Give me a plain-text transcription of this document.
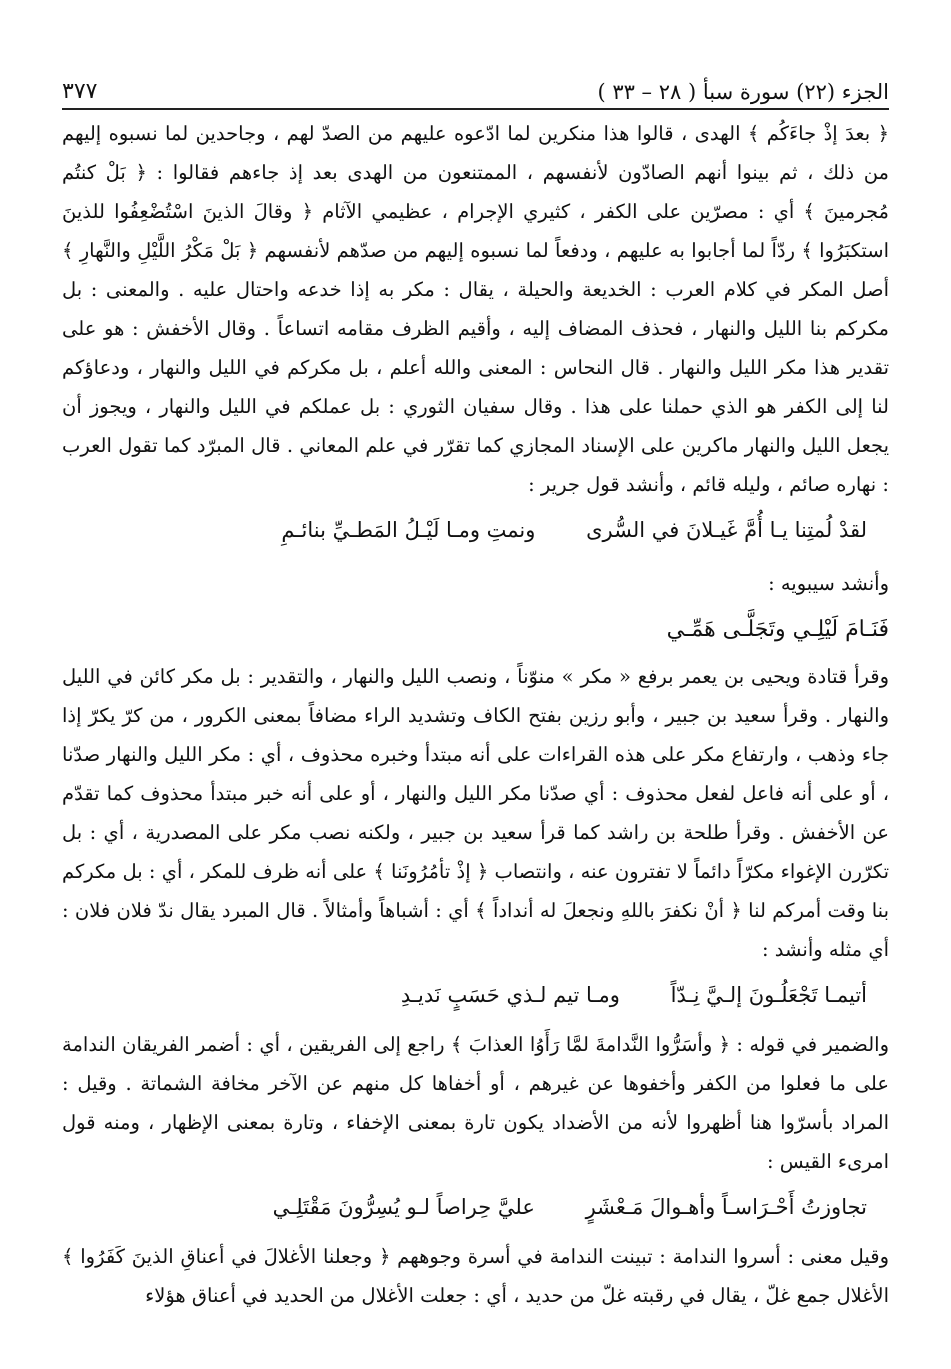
الجزء (٢٢) سورة سبأ ( ٢٨ – ٣٣ )
٣٧٧

﴿ بعدَ إذْ جاءَكُم ﴾ الهدى ، قالوا هذا منكرين لما ادّعوه عليهم من الصدّ لهم ، وجاحدين لما نسبوه إليهم من ذلك ، ثم بينوا أنهم الصادّون لأنفسهم ، الممتنعون من الهدى بعد إذ جاءهم فقالوا : ﴿ بَلْ كنتُم مُجرمينَ ﴾ أي : مصرّين على الكفر ، كثيري الإجرام ، عظيمي الآثام ﴿ وقالَ الذينَ اسْتُضْعِفُوا للذينَ استكبَرُوا ﴾ ردّاً لما أجابوا به عليهم ، ودفعاً لما نسبوه إليهم من صدّهم لأنفسهم ﴿ بَلْ مَكْرُ اللَّيْلِ والنَّهارِ ﴾ أصل المكر في كلام العرب : الخديعة والحيلة ، يقال : مكر به إذا خدعه واحتال عليه . والمعنى : بل مكركم بنا الليل والنهار ، فحذف المضاف إليه ، وأقيم الظرف مقامه اتساعاً . وقال الأخفش : هو على تقدير هذا مكر الليل والنهار . قال النحاس : المعنى والله أعلم ، بل مكركم في الليل والنهار ، ودعاؤكم لنا إلى الكفر هو الذي حملنا على هذا . وقال سفيان الثوري : بل عملكم في الليل والنهار ، ويجوز أن يجعل الليل والنهار ماكرين على الإسناد المجازي كما تقرّر في علم المعاني . قال المبرّد كما تقول العرب : نهاره صائم ، وليله قائم ، وأنشد قول جرير :

لقدْ لُمتِنا يـا أُمَّ غَيـلانَ في السُّرى ونمتِ ومـا لَيْـلُ المَطـيِّ بنائـمِ

وأنشد سيبويه :

فَنَـامَ لَيْلِـي وتَجَلَّـى هَمِّـي

وقرأ قتادة ويحيى بن يعمر برفع « مكر » منوّناً ، ونصب الليل والنهار ، والتقدير : بل مكر كائن في الليل والنهار . وقرأ سعيد بن جبير ، وأبو رزين بفتح الكاف وتشديد الراء مضافاً بمعنى الكرور ، من كرّ يكرّ إذا جاء وذهب ، وارتفاع مكر على هذه القراءات على أنه مبتدأ وخبره محذوف ، أي : مكر الليل والنهار صدّنا ، أو على أنه فاعل لفعل محذوف : أي صدّنا مكر الليل والنهار ، أو على أنه خبر مبتدأ محذوف كما تقدّم عن الأخفش . وقرأ طلحة بن راشد كما قرأ سعيد بن جبير ، ولكنه نصب مكر على المصدرية ، أي : بل تكرّرن الإغواء مكرّاً دائماً لا تفترون عنه ، وانتصاب ﴿ إذْ تأمُرُونَنا ﴾ على أنه ظرف للمكر ، أي : بل مكركم بنا وقت أمركم لنا ﴿ أنْ نكفرَ باللهِ ونجعلَ له أنداداً ﴾ أي : أشباهاً وأمثالاً . قال المبرد يقال ندّ فلان فلان : أي مثله وأنشد :

أتيمـا تَجْعَلُـونَ إلـيَّ نِـدّاً ومـا تيم لـذي حَسَبٍ نَديـدِ

والضمير في قوله : ﴿ وأسَرُّوا النَّدامةَ لمَّا رَأَوُا العذابَ ﴾ راجع إلى الفريقين ، أي : أضمر الفريقان الندامة على ما فعلوا من الكفر وأخفوها عن غيرهم ، أو أخفاها كل منهم عن الآخر مخافة الشماتة . وقيل : المراد بأسرّوا هنا أظهروا لأنه من الأضداد يكون تارة بمعنى الإخفاء ، وتارة بمعنى الإظهار ، ومنه قول امرىء القيس :

تجاوزتُ أَحْـرَاسـاً وأهـوالَ مَـعْشَرٍ عليَّ حِراصاً لـو يُسِرُّونَ مَقْتَلِـي

وقيل معنى : أسروا الندامة : تبينت الندامة في أسرة وجوههم ﴿ وجعلنا الأغلالَ في أعناقِ الذينَ كَفَرُوا ﴾ الأغلال جمع غلّ ، يقال في رقبته غلّ من حديد ، أي : جعلت الأغلال من الحديد في أعناق هؤلاء
